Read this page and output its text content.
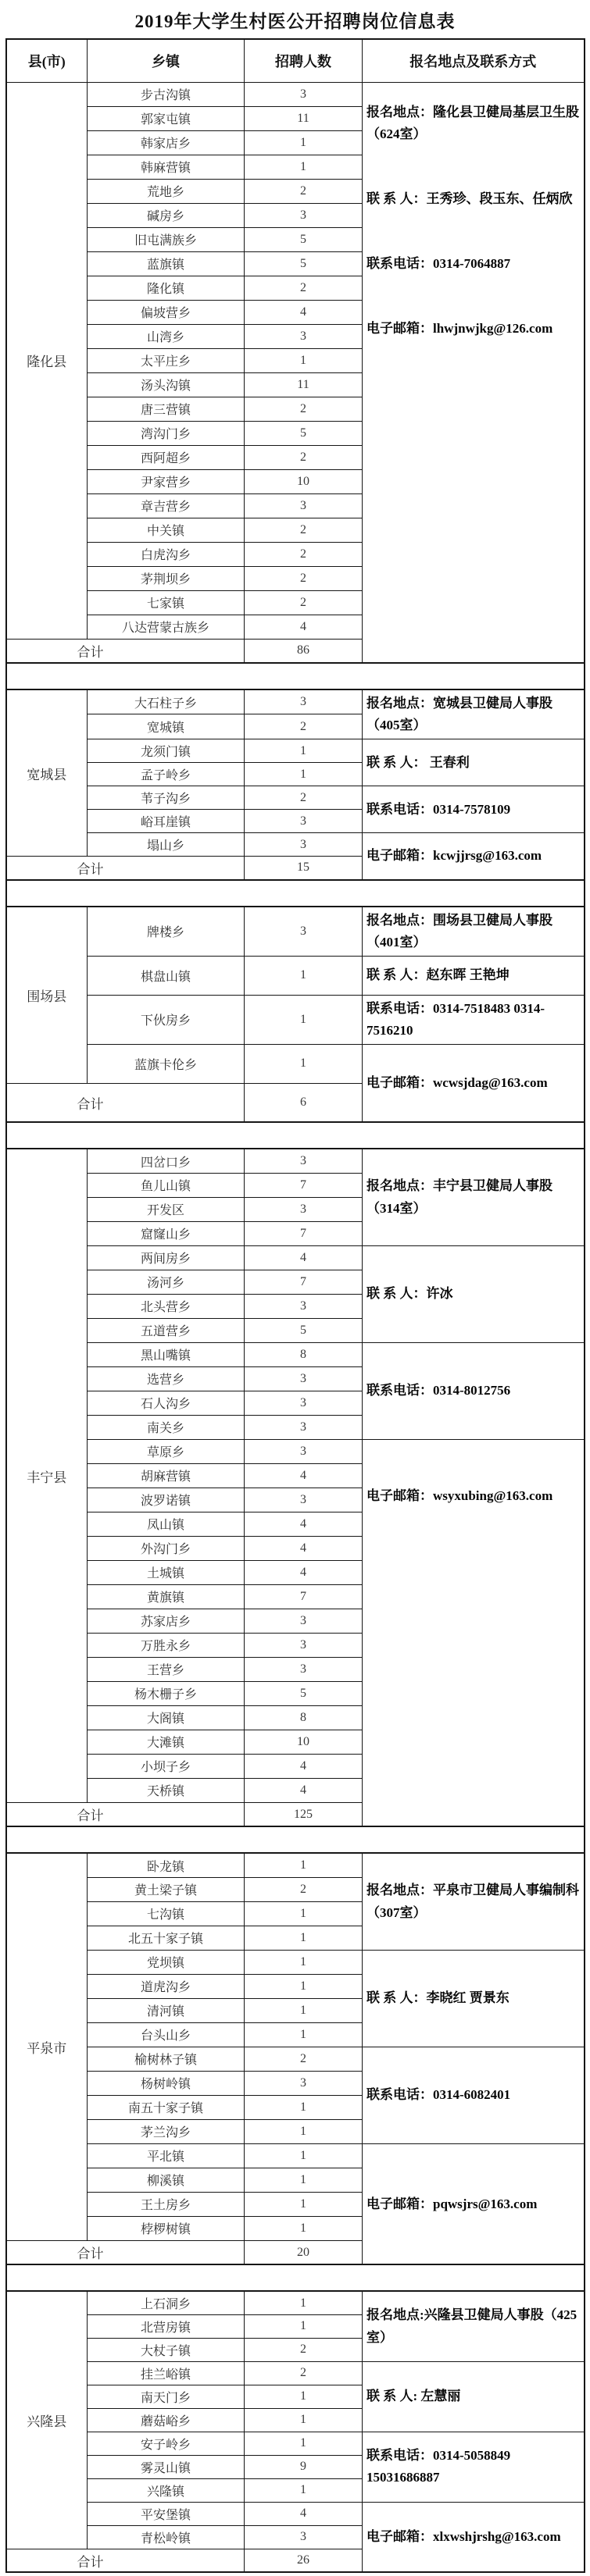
2019年大学生村医公开招聘岗位信息表
县(市)	乡镇	招聘人数	报名地点及联系方式
隆化县	步古沟镇	3	报名地点：隆化县卫健局基层卫生股（624室）
联 系 人：王秀珍、段玉东、任炳欣
联系电话：0314-7064887
电子邮箱：lhwjnwjkg@126.com

	郭家屯镇	11	
	韩家店乡	1	
	韩麻营镇	1	
	荒地乡	2	
	碱房乡	3	
	旧屯满族乡	5	
	蓝旗镇	5	
	隆化镇	2	
	偏坡营乡	4	
	山湾乡	3	
	太平庄乡	1	
	汤头沟镇	11	
	唐三营镇	2	
	湾沟门乡	5	
	西阿超乡	2	
	尹家营乡	10	
	章吉营乡	3	
	中关镇	2	
	白虎沟乡	2	
	茅荆坝乡	2	
	七家镇	2	
	八达营蒙古族乡	4	
合计		86	

宽城县	大石柱子乡	3	报名地点：宽城县卫健局人事股（405室）
	宽城镇	2	
	龙须门镇	1	联 系 人： 王春利
	孟子岭乡	1	
	苇子沟乡	2	联系电话：0314-7578109
	峪耳崖镇	3	
	塌山乡	3	电子邮箱：kcwjjrsg@163.com
合计		15	

围场县	牌楼乡	3	报名地点：围场县卫健局人事股（401室）
	棋盘山镇	1	联 系 人：赵东晖 王艳坤
	下伙房乡	1	联系电话：0314-7518483 0314-7516210
	蓝旗卡伦乡	1	电子邮箱：wcwsjdag@163.com
合计		6	

丰宁县	四岔口乡	3	报名地点：丰宁县卫健局人事股（314室）
	鱼儿山镇	7	
	开发区	3	
	窟窿山乡	7	
	两间房乡	4	联 系 人：许冰
	汤河乡	7	
	北头营乡	3	
	五道营乡	5	
	黑山嘴镇	8	联系电话：0314-8012756
	选营乡	3	
	石人沟乡	3	
	南关乡	3	
	草原乡	3	电子邮箱：wsyxubing@163.com
	胡麻营镇	4	
	波罗诺镇	3	
	凤山镇	4	
	外沟门乡	4	
	土城镇	4	
	黄旗镇	7	
	苏家店乡	3	
	万胜永乡	3	
	王营乡	3	
	杨木栅子乡	5	
	大阁镇	8	
	大滩镇	10	
	小坝子乡	4	
	天桥镇	4	
合计		125	

平泉市	卧龙镇	1	报名地点：平泉市卫健局人事编制科（307室）
	黄土梁子镇	2	
	七沟镇	1	
	北五十家子镇	1	
	党坝镇	1	联 系 人：李晓红 贾景东
	道虎沟乡	1	
	清河镇	1	
	台头山乡	1	
	榆树林子镇	2	联系电话：0314-6082401
	杨树岭镇	3	
	南五十家子镇	1	
	茅兰沟乡	1	
	平北镇	1	电子邮箱：pqwsjrs@163.com
	柳溪镇	1	
	王土房乡	1	
	桲椤树镇	1	
合计		20	

兴隆县	上石洞乡	1	报名地点:兴隆县卫健局人事股（425室）
	北营房镇	1	
	大杖子镇	2	
	挂兰峪镇	2	联 系 人: 左慧丽
	南天门乡	1	
	蘑菇峪乡	1	
	安子岭乡	1	联系电话：0314-5058849 15031686887
	雾灵山镇	9	
	兴隆镇	1	
	平安堡镇	4	电子邮箱：xlxwshjrshg@163.com
	青松岭镇	3	
合计		26	
